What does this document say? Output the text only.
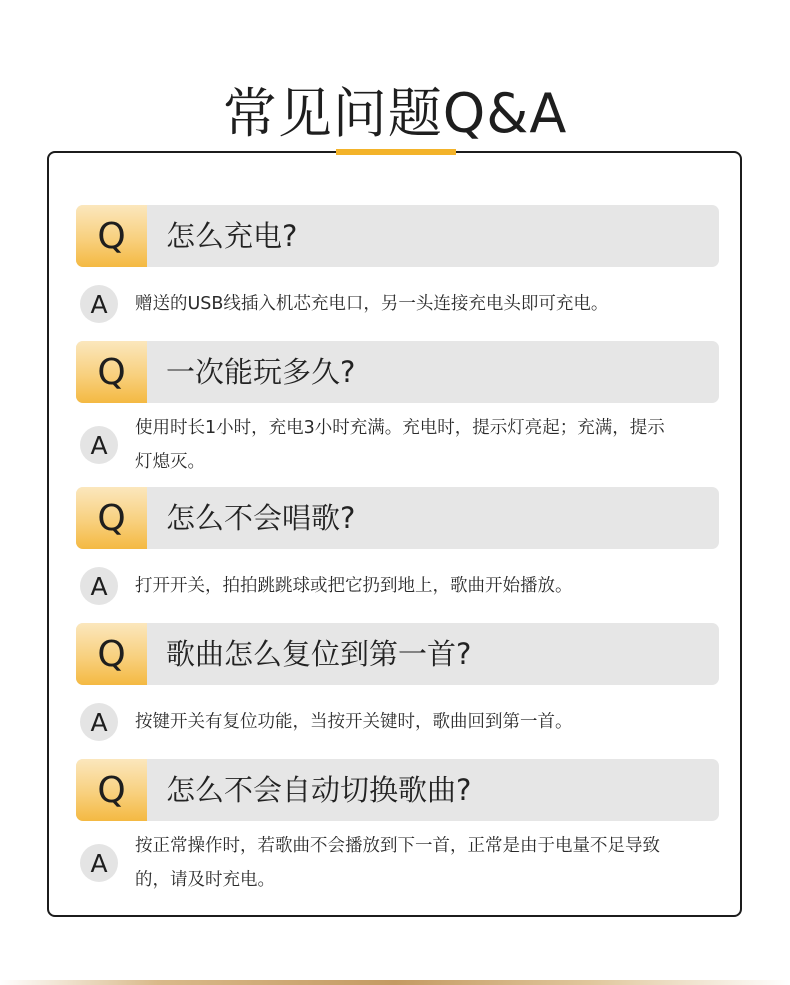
常见问题Q&A
Q	怎么充电?
A	赠送的USB线插入机芯充电口，另一头连接充电头即可充电。
Q	一次能玩多久?
A
使用时长1小时，充电3小时充满。充电时，提示灯亮起；充满，提示灯熄灭。
Q	怎么不会唱歌?
A	打开开关，拍拍跳跳球或把它扔到地上，歌曲开始播放。
Q	歌曲怎么复位到第一首?
A	按键开关有复位功能，当按开关键时，歌曲回到第一首。
Q	怎么不会自动切换歌曲?
A
按正常操作时，若歌曲不会播放到下一首，正常是由于电量不足导致的，请及时充电。
